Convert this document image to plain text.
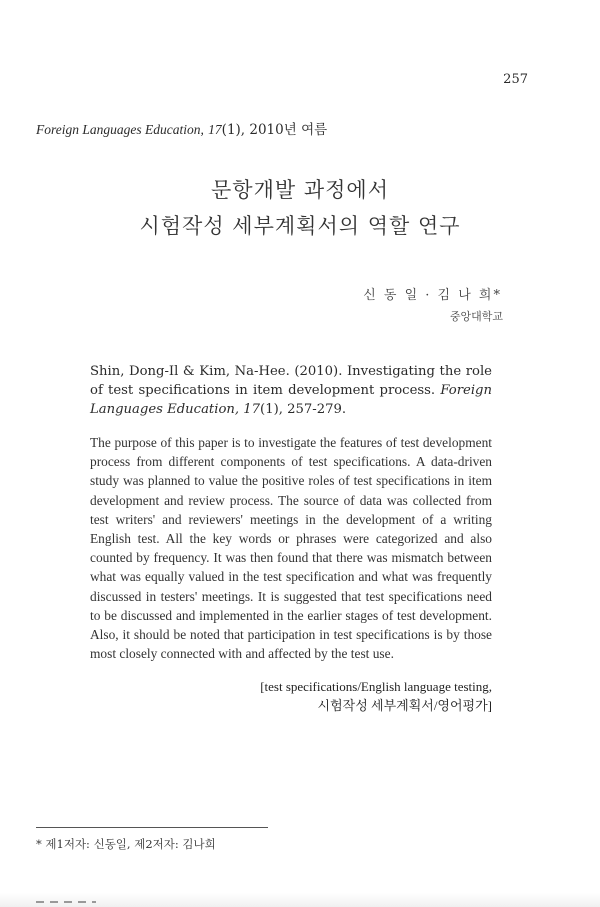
257
Foreign Languages Education, 17(1), 2010년 여름
문항개발 과정에서
시험작성 세부계획서의 역할 연구
신 동 일 · 김 나 희*
중앙대학교
Shin, Dong-Il & Kim, Na-Hee. (2010). Investigating the role of test specifications in item development process. Foreign Languages Education, 17(1), 257-279.
The purpose of this paper is to investigate the features of test development process from different components of test specifications. A data-driven study was planned to value the positive roles of test specifications in item development and review process. The source of data was collected from test writers' and reviewers' meetings in the development of a writing English test. All the key words or phrases were categorized and also counted by frequency. It was then found that there was mismatch between what was equally valued in the test specification and what was frequently discussed in testers' meetings. It is suggested that test specifications need to be discussed and implemented in the earlier stages of test development. Also, it should be noted that participation in test specifications is by those most closely connected with and affected by the test use.
[test specifications/English language testing,
시험작성 세부계획서/영어평가]
* 제1저자: 신동일, 제2저자: 김나희
